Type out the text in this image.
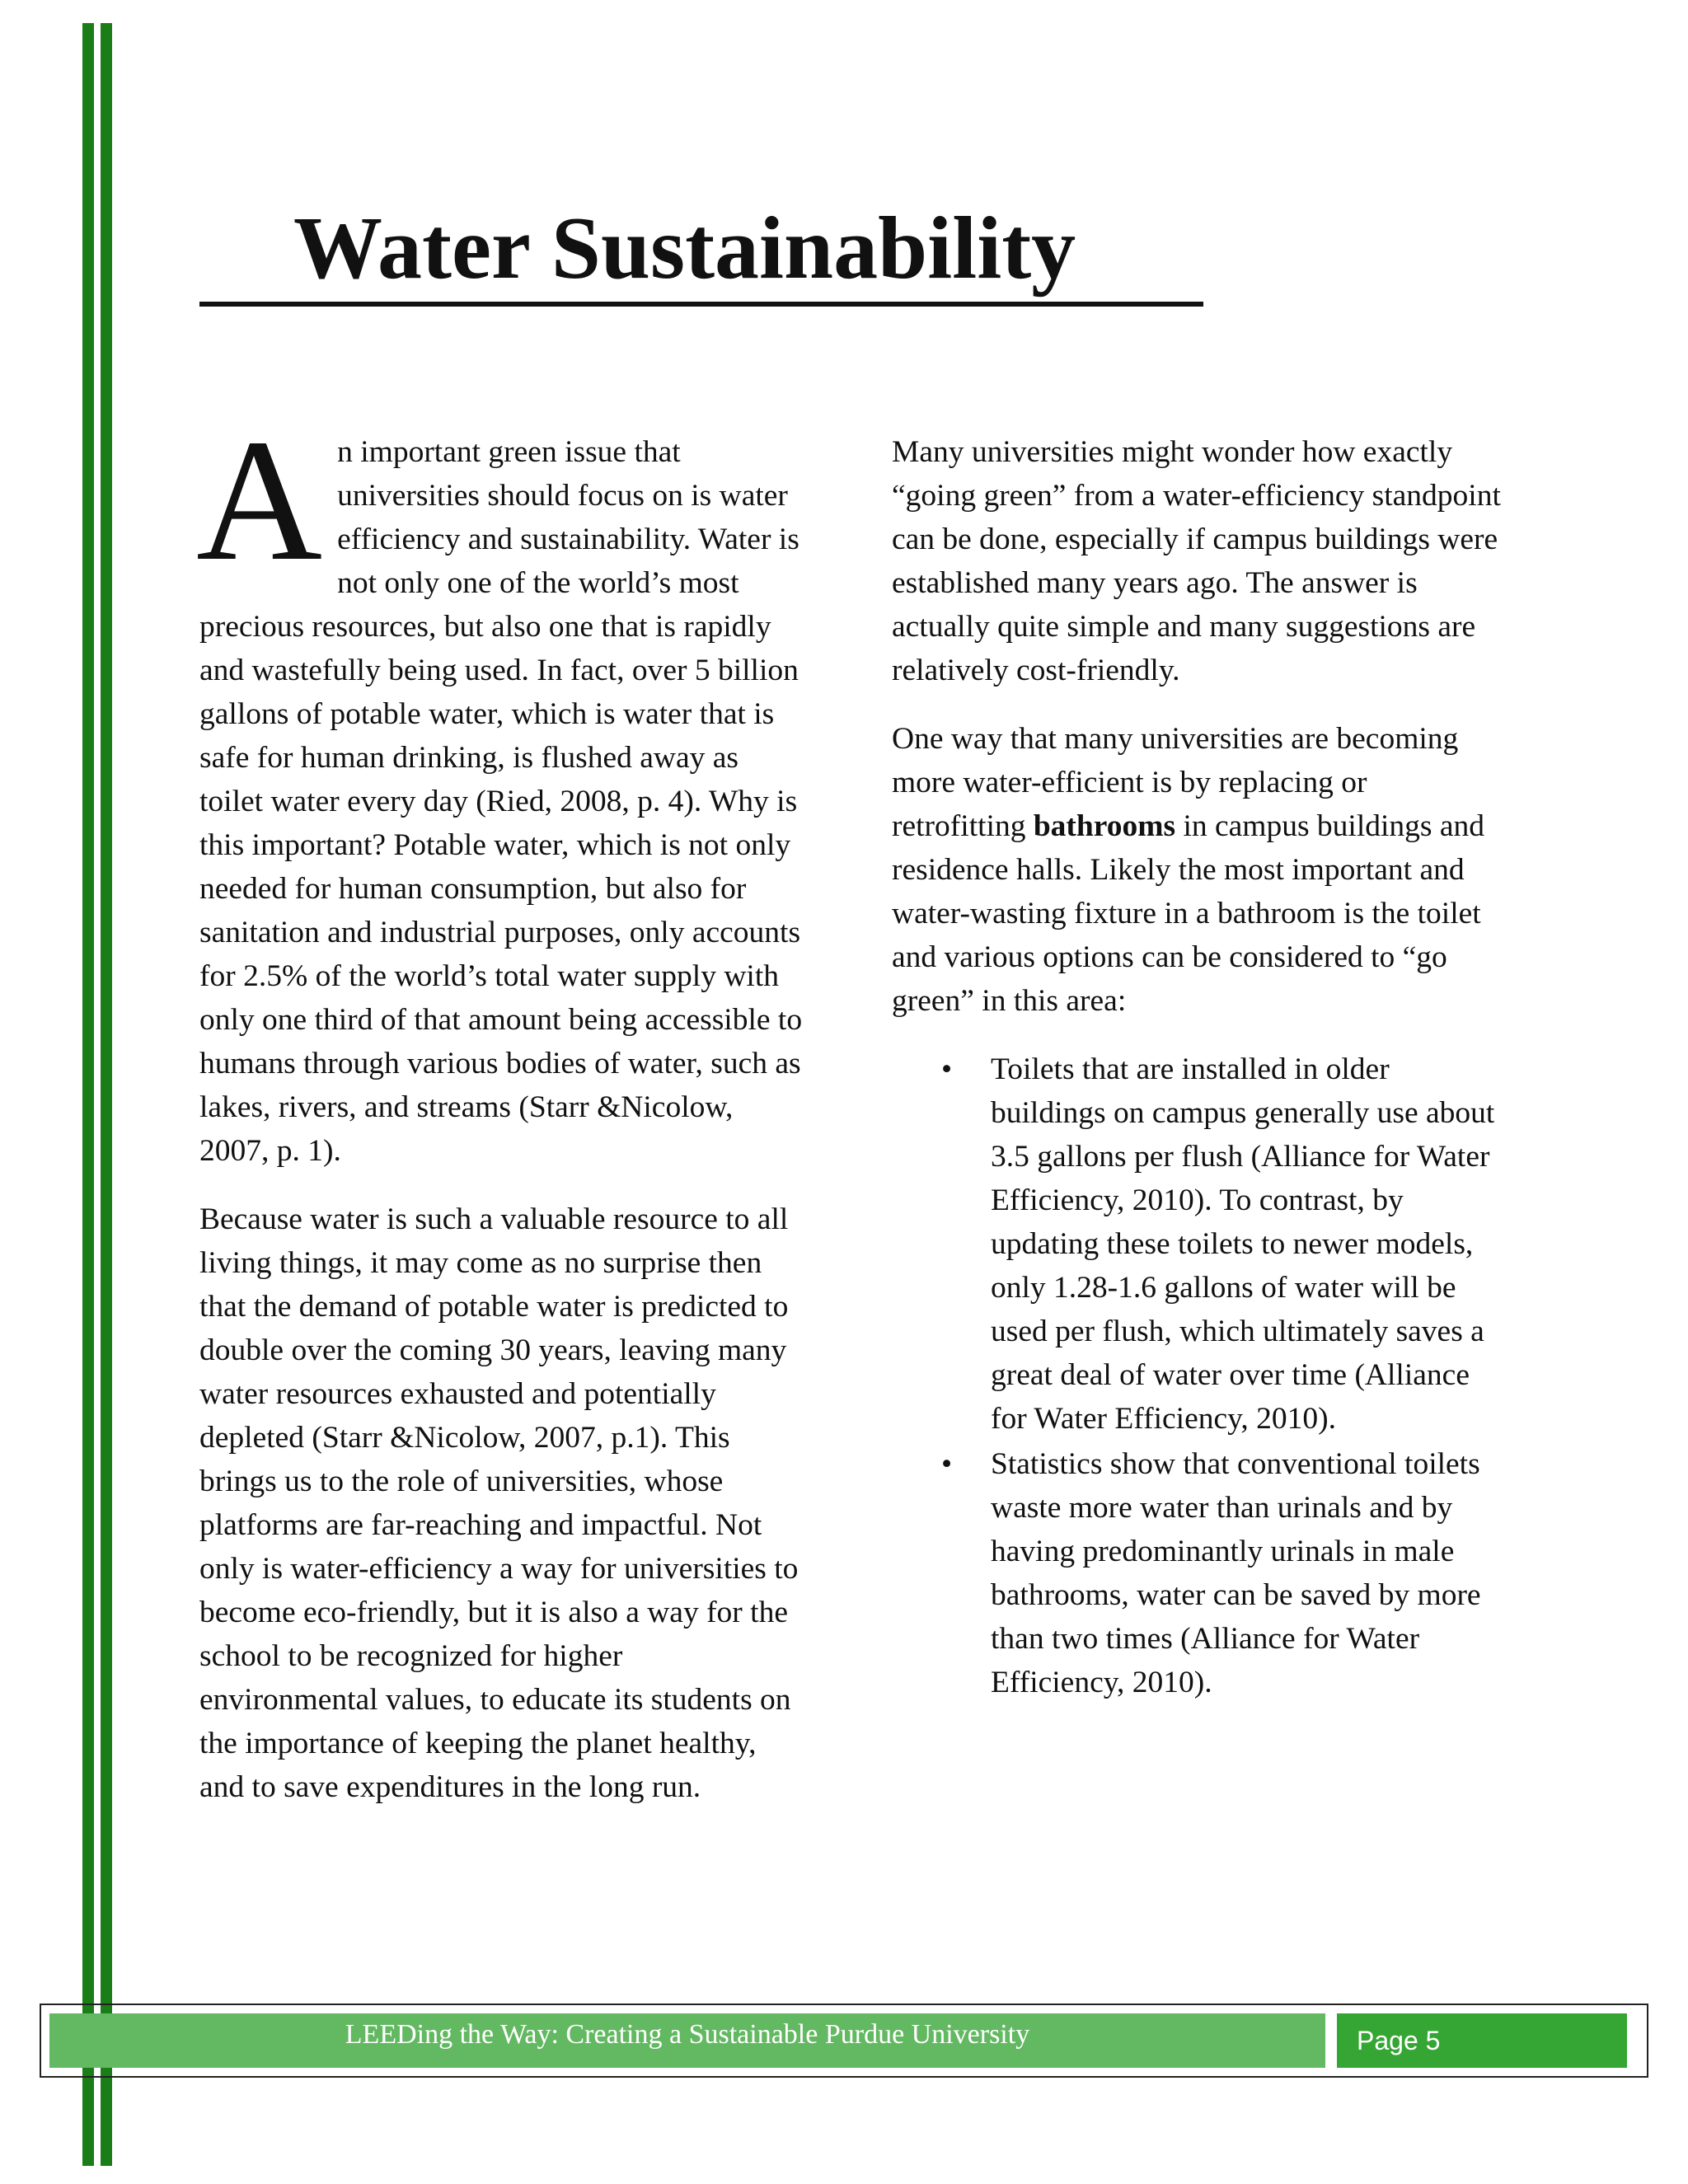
Water Sustainability

An important green issue that universities should focus on is water efficiency and sustainability. Water is not only one of the world’s most precious resources, but also one that is rapidly and wastefully being used. In fact, over 5 billion gallons of potable water, which is water that is safe for human drinking, is flushed away as toilet water every day (Ried, 2008, p. 4). Why is this important? Potable water, which is not only needed for human consumption, but also for sanitation and industrial purposes, only accounts for 2.5% of the world’s total water supply with only one third of that amount being accessible to humans through various bodies of water, such as lakes, rivers, and streams (Starr &Nicolow, 2007, p. 1).

Because water is such a valuable resource to all living things, it may come as no surprise then that the demand of potable water is predicted to double over the coming 30 years, leaving many water resources exhausted and potentially depleted (Starr &Nicolow, 2007, p.1). This brings us to the role of universities, whose platforms are far-reaching and impactful. Not only is water-efficiency a way for universities to become eco-friendly, but it is also a way for the school to be recognized for higher environmental values, to educate its students on the importance of keeping the planet healthy, and to save expenditures in the long run.

Many universities might wonder how exactly “going green” from a water-efficiency standpoint can be done, especially if campus buildings were established many years ago. The answer is actually quite simple and many suggestions are relatively cost-friendly.

One way that many universities are becoming more water-efficient is by replacing or retrofitting bathrooms in campus buildings and residence halls. Likely the most important and water-wasting fixture in a bathroom is the toilet and various options can be considered to “go green” in this area:

• Toilets that are installed in older buildings on campus generally use about 3.5 gallons per flush (Alliance for Water Efficiency, 2010). To contrast, by updating these toilets to newer models, only 1.28-1.6 gallons of water will be used per flush, which ultimately saves a great deal of water over time (Alliance for Water Efficiency, 2010).
• Statistics show that conventional toilets waste more water than urinals and by having predominantly urinals in male bathrooms, water can be saved by more than two times (Alliance for Water Efficiency, 2010).
LEEDing the Way: Creating a Sustainable Purdue University	Page 5
